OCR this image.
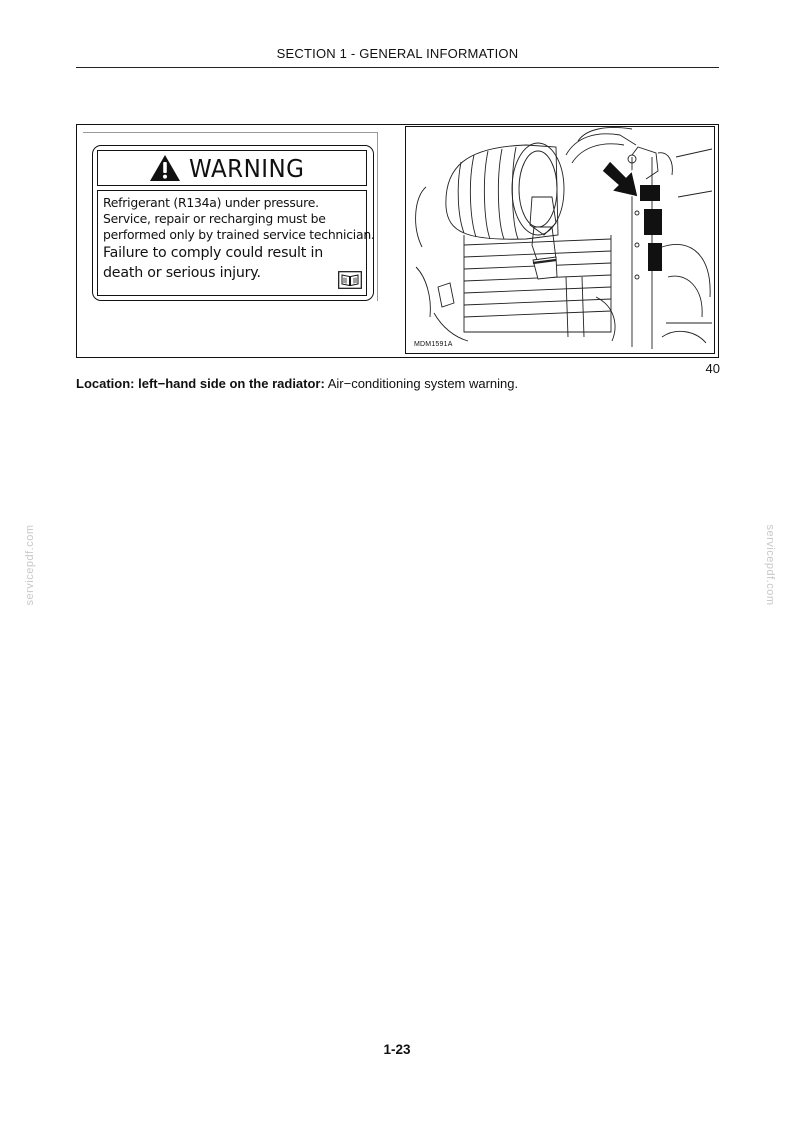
SECTION 1 - GENERAL INFORMATION
WARNING
Refrigerant (R134a) under pressure.
Service, repair or recharging must be
performed only by trained service technician.
Failure to comply could result in
death or serious injury.
MDM1591A
40
Location: left−hand side on the radiator: Air−conditioning system warning.
servicepdf.com	servicepdf.com
1-23
